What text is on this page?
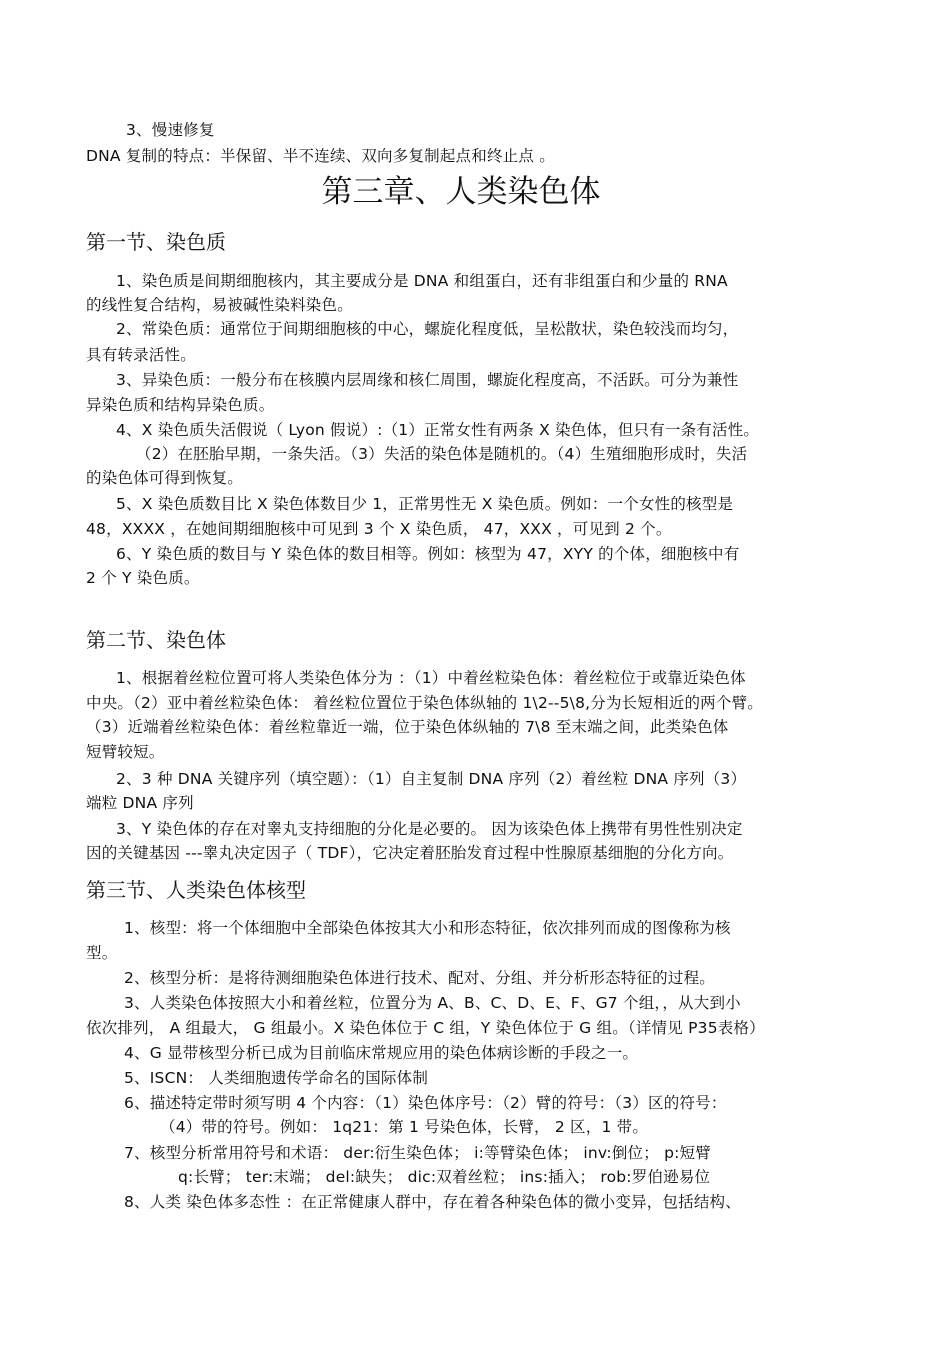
3、慢速修复
DNA 复制的特点：半保留、半不连续、双向多复制起点和终止点 。
第三章、人类染色体
第一节、染色质
1、染色质是间期细胞核内，其主要成分是 DNA 和组蛋白，还有非组蛋白和少量的 RNA
的线性复合结构，易被碱性染料染色。
2、常染色质：通常位于间期细胞核的中心，螺旋化程度低，呈松散状，染色较浅而均匀，
具有转录活性。
3、异染色质：一般分布在核膜内层周缘和核仁周围，螺旋化程度高，不活跃。可分为兼性
异染色质和结构异染色质。
4、X 染色质失活假说（ Lyon 假说）:（1）正常女性有两条 X 染色体，但只有一条有活性。
（2）在胚胎早期，一条失活。（3）失活的染色体是随机的。（4）生殖细胞形成时，失活
的染色体可得到恢复。
5、X 染色质数目比 X 染色体数目少 1，正常男性无 X 染色质。例如：一个女性的核型是
48，XXXX ，在她间期细胞核中可见到 3 个 X 染色质， 47，XXX ，可见到 2 个。
6、Y 染色质的数目与 Y 染色体的数目相等。例如：核型为 47，XYY 的个体，细胞核中有
2 个 Y 染色质。
第二节、染色体
1、根据着丝粒位置可将人类染色体分为 ：（1）中着丝粒染色体：着丝粒位于或靠近染色体
中央。（2）亚中着丝粒染色体： 着丝粒位置位于染色体纵轴的 1\2--5\8,分为长短相近的两个臂。
（3）近端着丝粒染色体：着丝粒靠近一端，位于染色体纵轴的 7\8 至末端之间，此类染色体
短臂较短。
2、3 种 DNA 关键序列（填空题）：（1）自主复制 DNA 序列（2）着丝粒 DNA 序列（3）
端粒 DNA 序列
3、Y 染色体的存在对睾丸支持细胞的分化是必要的。 因为该染色体上携带有男性性别决定
因的关键基因 ---睾丸决定因子（ TDF），它决定着胚胎发育过程中性腺原基细胞的分化方向。
第三节、人类染色体核型
1、核型：将一个体细胞中全部染色体按其大小和形态特征，依次排列而成的图像称为核
型。
2、核型分析：是将待测细胞染色体进行技术、配对、分组、并分析形态特征的过程。
3、人类染色体按照大小和着丝粒，位置分为 A、B、C、D、E、F、G7 个组，，从大到小
依次排列， A 组最大， G 组最小。X 染色体位于 C 组，Y 染色体位于 G 组。（详情见 P35表格）
4、G 显带核型分析已成为目前临床常规应用的染色体病诊断的手段之一。
5、ISCN： 人类细胞遗传学命名的国际体制
6、描述特定带时须写明 4 个内容：（1）染色体序号：（2）臂的符号：（3）区的符号：
（4）带的符号。例如： 1q21：第 1 号染色体，长臂， 2 区，1 带。
7、核型分析常用符号和术语： der:衍生染色体； i:等臂染色体； inv:倒位； p:短臂
q:长臂； ter:末端； del:缺失； dic:双着丝粒； ins:插入； rob:罗伯逊易位
8、人类 染色体多态性 ：在正常健康人群中，存在着各种染色体的微小变异，包括结构、
